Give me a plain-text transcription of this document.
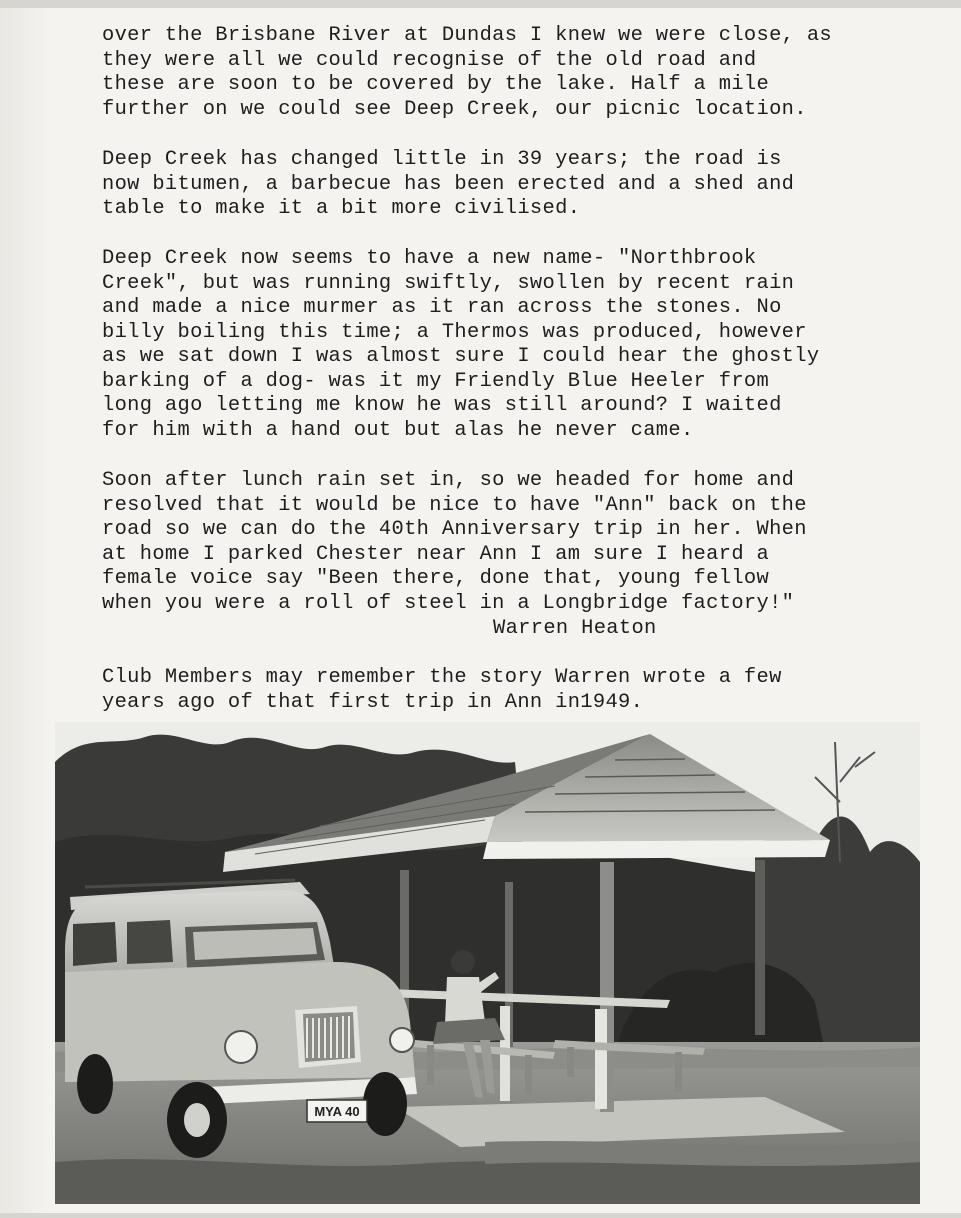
over the Brisbane River at Dundas I knew we were close, as
they were all we could recognise of the old road and
these are soon to be covered by the lake. Half a mile
further on we could see Deep Creek, our picnic location.

Deep Creek has changed little in 39 years; the road is
now bitumen, a barbecue has been erected and a shed and
table to make it a bit more civilised.

Deep Creek now seems to have a new name- "Northbrook
Creek", but was running swiftly, swollen by recent rain
and made a nice murmer as it ran across the stones. No
billy boiling this time; a Thermos was produced, however
as we sat down I was almost sure I could hear the ghostly
barking of a dog- was it my Friendly Blue Heeler from
long ago letting me know he was still around? I waited
for him with a hand out but alas he never came.

Soon after lunch rain set in, so we headed for home and
resolved that it would be nice to have "Ann" back on the
road so we can do the 40th Anniversary trip in her. When
at home I parked Chester near Ann I am sure I heard a
female voice say "Been there, done that, young fellow
when you were a roll of steel in a Longbridge factory!"

Warren Heaton

Club Members may remember the story Warren wrote a few
years ago of that first trip in Ann in1949.

MYA 40
